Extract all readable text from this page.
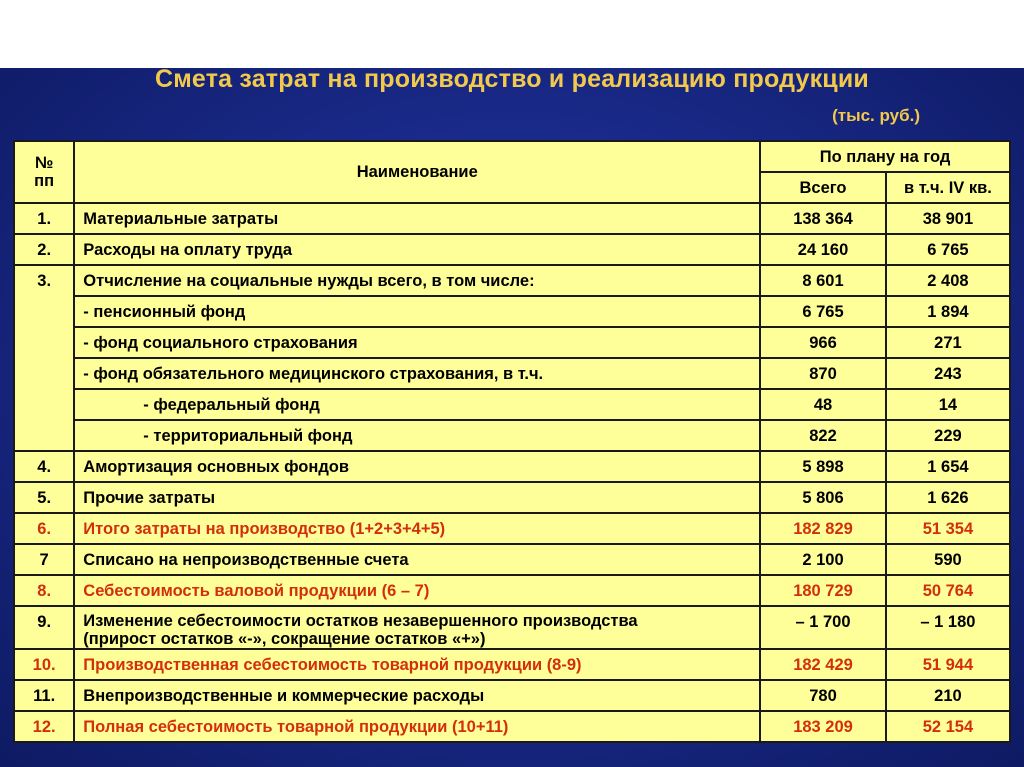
Смета затрат на производство и реализацию продукции
(тыс. руб.)
№ пп	Наименование	По плану на год	
		Всего	в т.ч. IV кв.
1.	Материальные затраты	138 364	38 901
2.	Расходы на оплату труда	24 160	6 765
3.	Отчисление на социальные нужды всего, в том числе:	8 601	2 408
	- пенсионный фонд	6 765	1 894
	- фонд социального страхования	966	271
	- фонд обязательного медицинского страхования, в т.ч.	870	243
	- федеральный фонд	48	14
	- территориальный фонд	822	229
4.	Амортизация основных фондов	5 898	1 654
5.	Прочие затраты	5 806	1 626
6.	Итого затраты на производство (1+2+3+4+5)	182 829	51 354
7	Списано на непроизводственные счета	2 100	590
8.	Себестоимость валовой продукции (6 – 7)	180 729	50 764
9.	Изменение себестоимости остатков незавершенного производства
(прирост остатков «-», сокращение остатков «+»)	– 1 700	– 1 180
10.	Производственная себестоимость товарной продукции (8-9)	182 429	51 944
11.	Внепроизводственные и коммерческие расходы	780	210
12.	Полная себестоимость товарной продукции (10+11)	183 209	52 154
